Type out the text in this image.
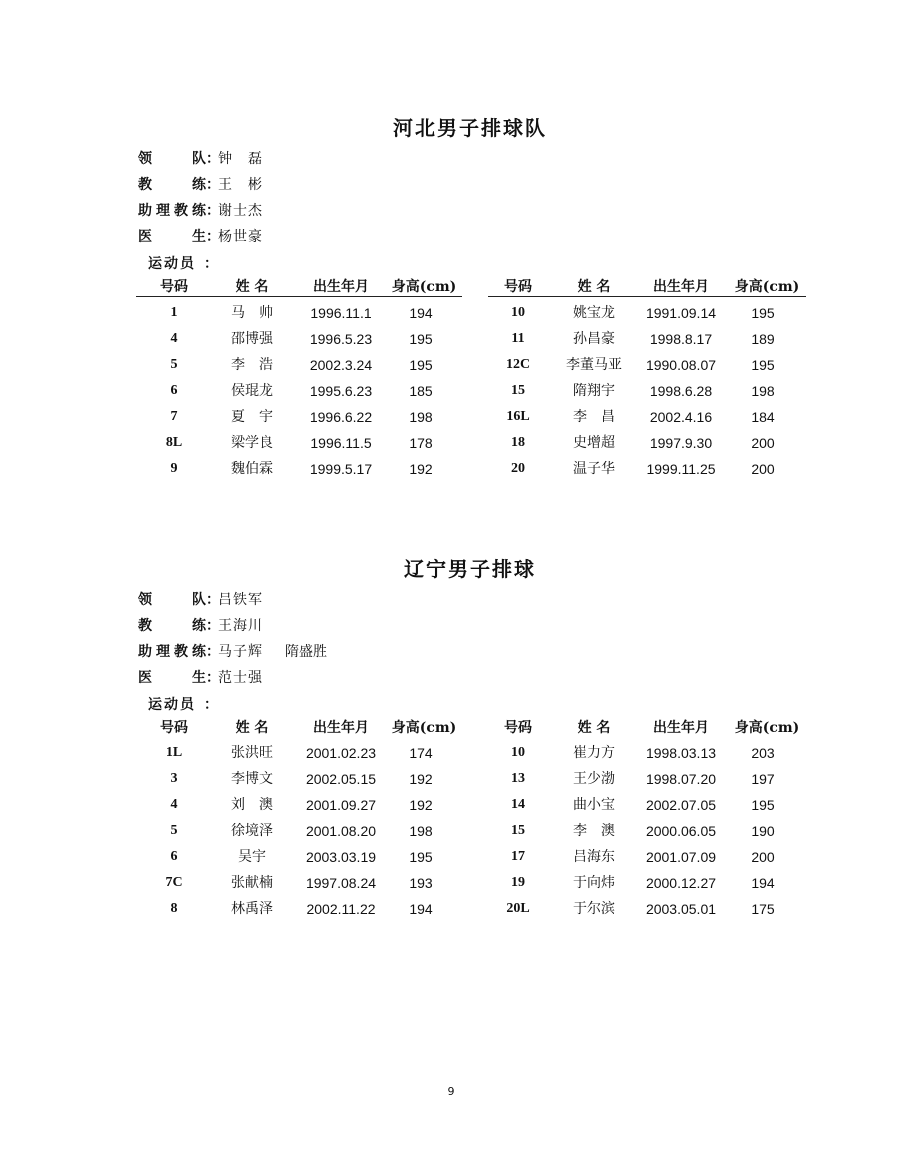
河北男子排球队
领队：钟　磊
教练：王　彬
助理教练：谢士杰
医生：杨世豪
运动员 ：
号码	姓 名	出生年月	身高(cm)
1	马　帅	1996.11.1	194
4	邵博强	1996.5.23	195
5	李　浩	2002.3.24	195
6	侯琨龙	1995.6.23	185
7	夏　宇	1996.6.22	198
8L	梁学良	1996.11.5	178
9	魏伯霖	1999.5.17	192
号码	姓 名	出生年月	身高(cm)
10	姚宝龙	1991.09.14	195
11	孙昌豪	1998.8.17	189
12C	李董马亚	1990.08.07	195
15	隋翔宇	1998.6.28	198
16L	李　昌	2002.4.16	184
18	史增超	1997.9.30	200
20	温子华	1999.11.25	200
辽宁男子排球
领队：吕铁军
教练：王海川
助理教练：马子辉 隋盛胜
医生：范士强
运动员 ：
号码	姓 名	出生年月	身高(cm)
1L	张洪旺	2001.02.23	174
3	李博文	2002.05.15	192
4	刘　澳	2001.09.27	192
5	徐境泽	2001.08.20	198
6	吴宇	2003.03.19	195
7C	张献楠	1997.08.24	193
8	林禹泽	2002.11.22	194
号码	姓 名	出生年月	身高(cm)
10	崔力方	1998.03.13	203
13	王少渤	1998.07.20	197
14	曲小宝	2002.07.05	195
15	李　澳	2000.06.05	190
17	吕海东	2001.07.09	200
19	于向炜	2000.12.27	194
20L	于尔滨	2003.05.01	175
9
